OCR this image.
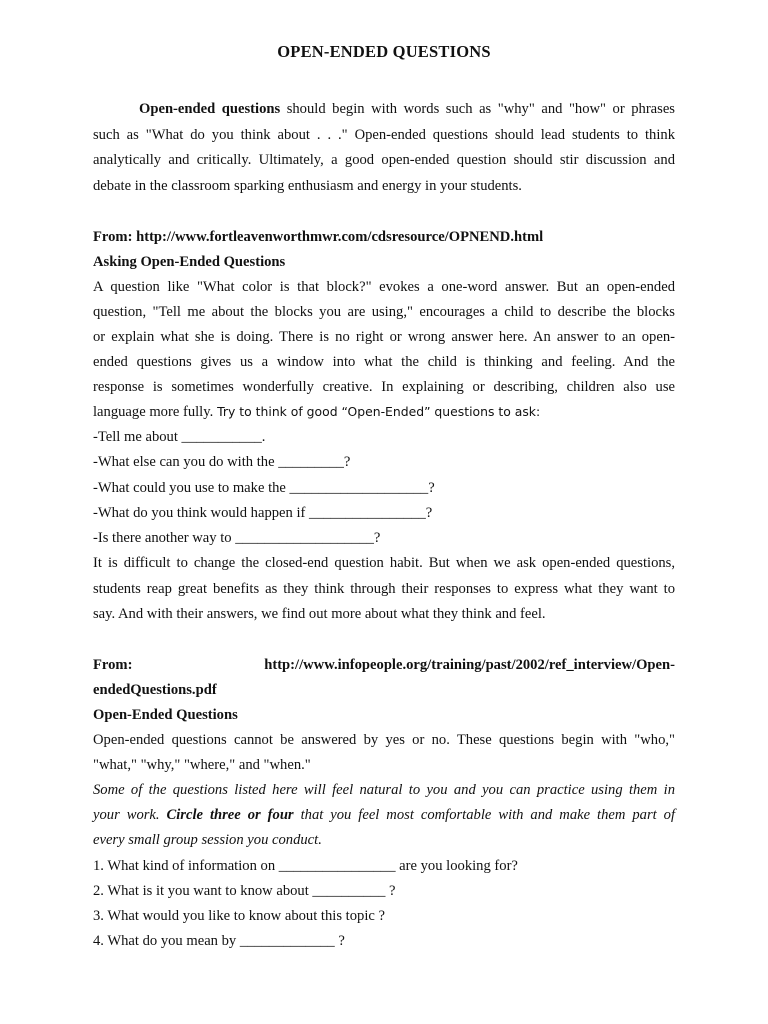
OPEN-ENDED QUESTIONS
Open-ended questions should begin with words such as "why" and "how" or phrases
such as "What do you think about . . ." Open-ended questions should lead students to think
analytically and critically. Ultimately, a good open-ended question should stir discussion and
debate in the classroom sparking enthusiasm and energy in your students.
From: http://www.fortleavenworthmwr.com/cdsresource/OPNEND.html
Asking Open-Ended Questions
A question like "What color is that block?" evokes a one-word answer. But an open-ended
question, "Tell me about the blocks you are using," encourages a child to describe the blocks
or explain what she is doing. There is no right or wrong answer here. An answer to an open-
ended questions gives us a window into what the child is thinking and feeling. And the
response is sometimes wonderfully creative. In explaining or describing, children also use
language more fully. Try to think of good “Open-Ended” questions to ask:
-Tell me about ___________.
-What else can you do with the _________?
-What could you use to make the ___________________?
-What do you think would happen if ________________?
-Is there another way to ___________________?
It is difficult to change the closed-end question habit. But when we ask open-ended questions,
students reap great benefits as they think through their responses to express what they want to
say. And with their answers, we find out more about what they think and feel.
From:	http://www.infopeople.org/training/past/2002/ref_interview/Open-
endedQuestions.pdf
Open-Ended Questions
Open-ended questions cannot be answered by yes or no. These questions begin with "who,"
"what," "why," "where," and "when."
Some of the questions listed here will feel natural to you and you can practice using them in
your work. Circle three or four that you feel most comfortable with and make them part of
every small group session you conduct.
1. What kind of information on ________________ are you looking for?
2. What is it you want to know about __________ ?
3. What would you like to know about this topic ?
4. What do you mean by _____________ ?
